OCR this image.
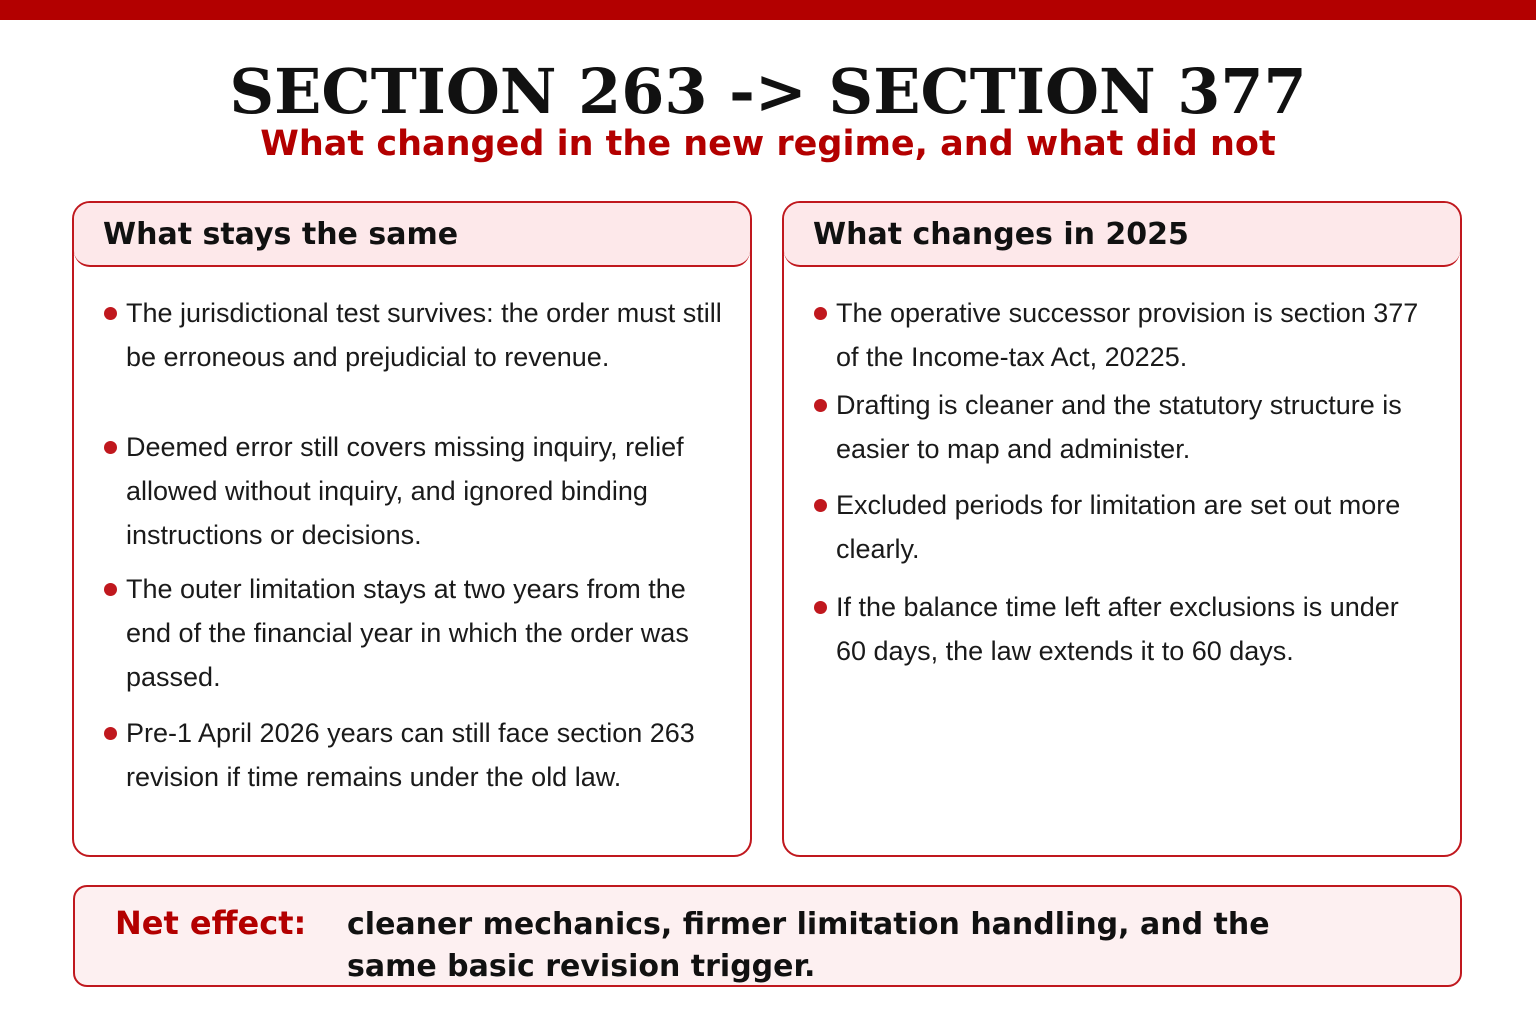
SECTION 263 -> SECTION 377
What changed in the new regime, and what did not
What stays the same
The jurisdictional test survives: the order must still be erroneous and prejudicial to revenue.
Deemed error still covers missing inquiry, relief allowed without inquiry, and ignored binding instructions or decisions.
The outer limitation stays at two years from the end of the financial year in which the order was passed.
Pre-1 April 2026 years can still face section 263 revision if time remains under the old law.
What changes in 2025
The operative successor provision is section 377 of the Income-tax Act, 20225.
Drafting is cleaner and the statutory structure is easier to map and administer.
Excluded periods for limitation are set out more clearly.
If the balance time left after exclusions is under 60 days, the law extends it to 60 days.
Net effect: cleaner mechanics, firmer limitation handling, and the same basic revision trigger.
